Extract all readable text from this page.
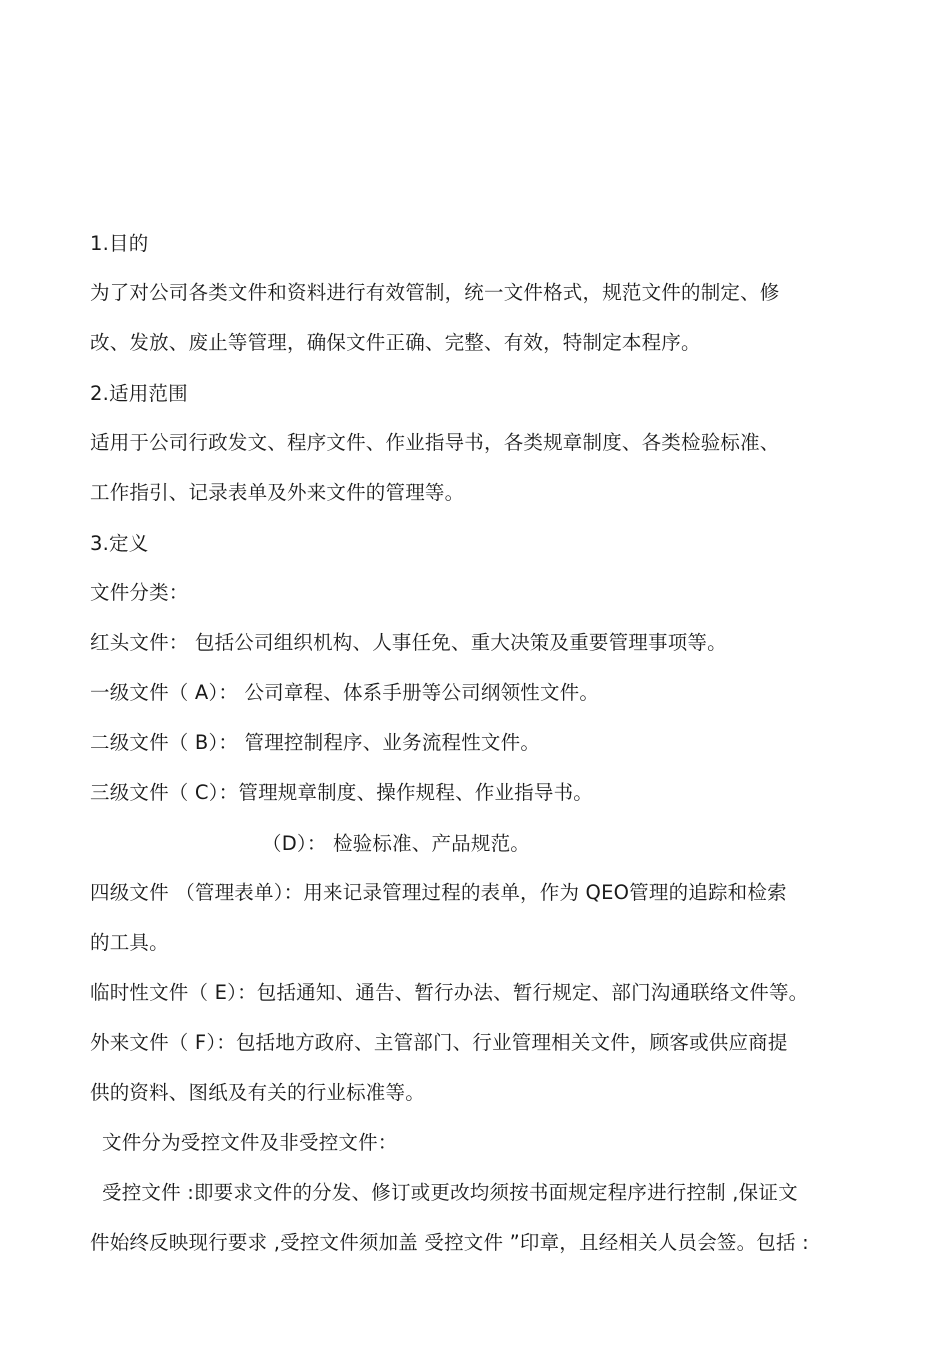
1.目的
为了对公司各类文件和资料进行有效管制，统一文件格式，规范文件的制定、修
改、发放、废止等管理，确保文件正确、完整、有效，特制定本程序。
2.适用范围
适用于公司行政发文、程序文件、作业指导书，各类规章制度、各类检验标准、
工作指引、记录表单及外来文件的管理等。
3.定义
文件分类：
红头文件： 包括公司组织机构、人事任免、重大决策及重要管理事项等。
一级文件（ A）： 公司章程、体系手册等公司纲领性文件。
二级文件（ B）： 管理控制程序、业务流程性文件。
三级文件（ C）：管理规章制度、操作规程、作业指导书。
（D）： 检验标准、产品规范。
四级文件 （管理表单）：用来记录管理过程的表单，作为 QEO管理的追踪和检索
的工具。
临时性文件（ E）：包括通知、通告、暂行办法、暂行规定、部门沟通联络文件等。
外来文件（ F）：包括地方政府、主管部门、行业管理相关文件，顾客或供应商提
供的资料、图纸及有关的行业标准等。
文件分为受控文件及非受控文件：
受控文件 :即要求文件的分发、修订或更改均须按书面规定程序进行控制 ,保证文
件始终反映现行要求 ,受控文件须加盖 受控文件 ”印章，且经相关人员会签。包括 :
